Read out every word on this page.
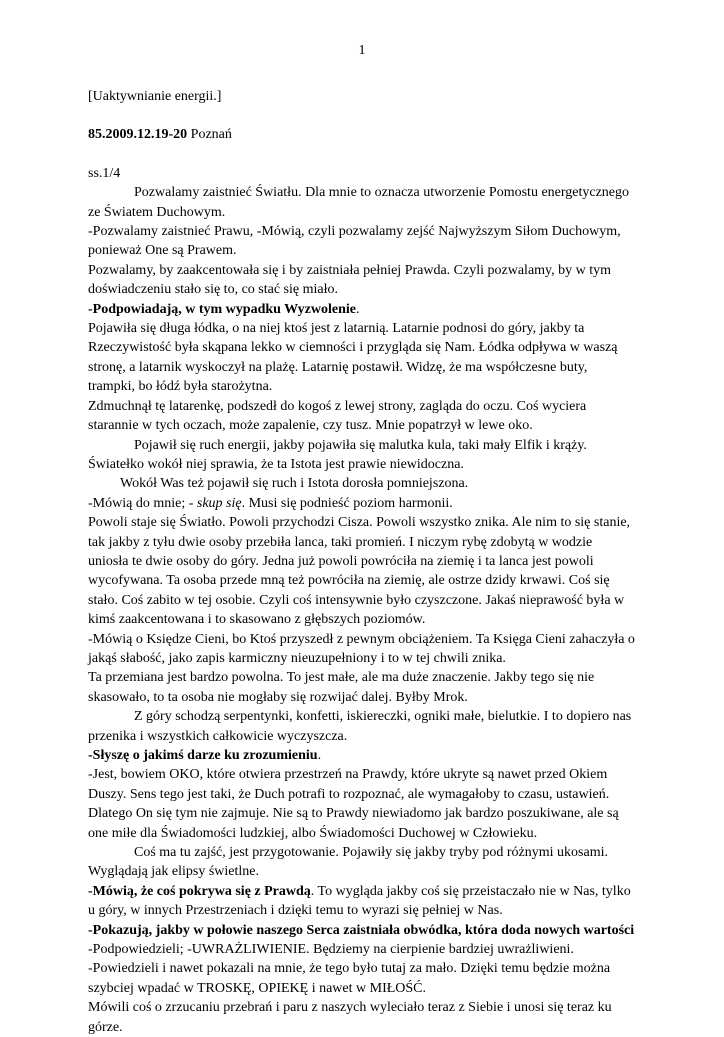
1

[Uaktywnianie energii.]

85.2009.12.19-20 Poznań

ss.1/4

Pozwalamy zaistnieć Światłu. Dla mnie to oznacza utworzenie Pomostu energetycznego ze Światem Duchowym.

-Pozwalamy zaistnieć Prawu, -Mówią, czyli pozwalamy zejść Najwyższym Siłom Duchowym, ponieważ One są Prawem.

Pozwalamy, by zaakcentowała się i by zaistniała pełniej Prawda. Czyli pozwalamy, by w tym doświadczeniu stało się to, co stać się miało.

-Podpowiadają, w tym wypadku Wyzwolenie.

Pojawiła się długa łódka, o na niej ktoś jest z latarnią. Latarnie podnosi do góry, jakby ta Rzeczywistość była skąpana lekko w ciemności i przygląda się Nam. Łódka odpływa w waszą stronę, a latarnik wyskoczył na plażę. Latarnię postawił. Widzę, że ma współczesne buty, trampki, bo łódź była starożytna.

Zdmuchnął tę latarenkę, podszedł do kogoś z lewej strony, zagląda do oczu. Coś wyciera starannie w tych oczach, może zapalenie, czy tusz. Mnie popatrzył w lewe oko.

Pojawił się ruch energii, jakby pojawiła się malutka kula, taki mały Elfik i krąży. Światełko wokół niej sprawia, że ta Istota jest prawie niewidoczna.

Wokół Was też pojawił się ruch i Istota dorosła pomniejszona.

-Mówią do mnie; - skup się. Musi się podnieść poziom harmonii.

Powoli staje się Światło. Powoli przychodzi Cisza. Powoli wszystko znika. Ale nim to się stanie, tak jakby z tyłu dwie osoby przebiła lanca, taki promień. I niczym rybę zdobytą w wodzie uniosła te dwie osoby do góry. Jedna już powoli powróciła na ziemię i ta lanca jest powoli wycofywana. Ta osoba przede mną też powróciła na ziemię, ale ostrze dzidy krwawi. Coś się stało. Coś zabito w tej osobie. Czyli coś intensywnie było czyszczone. Jakaś nieprawość była w kimś zaakcentowana i to skasowano z głębszych poziomów.

-Mówią o Księdze Cieni, bo Ktoś przyszedł z pewnym obciążeniem. Ta Księga Cieni zahaczyła o jakąś słabość, jako zapis karmiczny nieuzupełniony i to w tej chwili znika.

Ta przemiana jest bardzo powolna. To jest małe, ale ma duże znaczenie. Jakby tego się nie skasowało, to ta osoba nie mogłaby się rozwijać dalej. Byłby Mrok.

Z góry schodzą serpentynki, konfetti, iskiereczki, ogniki małe, bielutkie. I to dopiero nas przenika i wszystkich całkowicie wyczyszcza.

-Słyszę o jakimś darze ku zrozumieniu.

-Jest, bowiem OKO, które otwiera przestrzeń na Prawdy, które ukryte są nawet przed Okiem Duszy. Sens tego jest taki, że Duch potrafi to rozpoznać, ale wymagałoby to czasu, ustawień. Dlatego On się tym nie zajmuje. Nie są to Prawdy niewiadomo jak bardzo poszukiwane, ale są one miłe dla Świadomości ludzkiej, albo Świadomości Duchowej w Człowieku.

Coś ma tu zajść, jest przygotowanie. Pojawiły się jakby tryby pod różnymi ukosami. Wyglądają jak elipsy świetlne.

-Mówią, że coś pokrywa się z Prawdą. To wygląda jakby coś się przeistaczało nie w Nas, tylko u góry, w innych Przestrzeniach i dzięki temu to wyrazi się pełniej w Nas.

-Pokazują, jakby w połowie naszego Serca zaistniała obwódka, która doda nowych wartości

-Podpowiedzieli; -UWRAŻLIWIENIE. Będziemy na cierpienie bardziej uwrażliwieni.

-Powiedzieli i nawet pokazali na mnie, że tego było tutaj za mało. Dzięki temu będzie można szybciej wpadać w TROSKĘ, OPIEKĘ i nawet w MIŁOŚĆ.

Mówili coś o zrzucaniu przebrań i paru z naszych wyleciało teraz z Siebie i unosi się teraz ku górze.
